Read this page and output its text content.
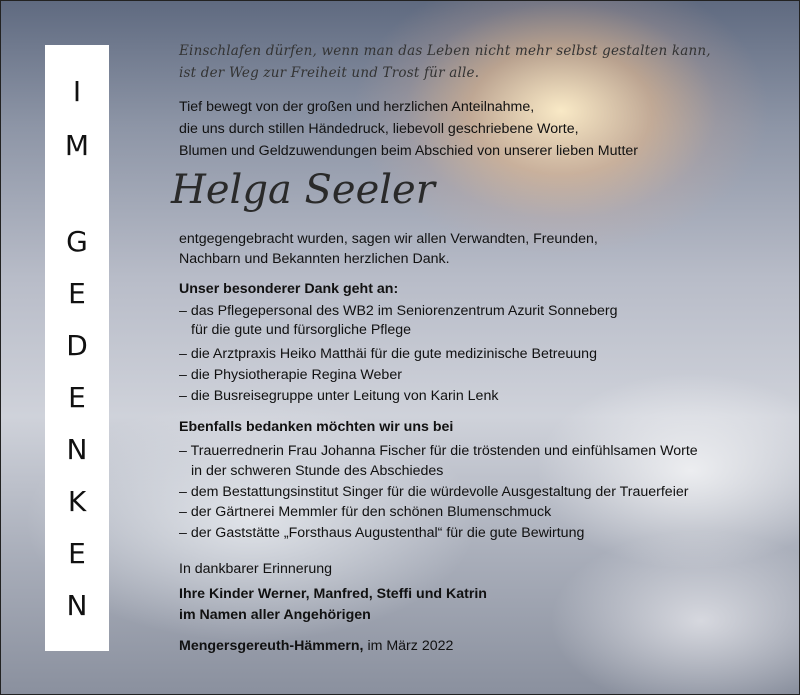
I
M
G
E
D
E
N
K
E
N
Einschlafen dürfen, wenn man das Leben nicht mehr selbst gestalten kann,
ist der Weg zur Freiheit und Trost für alle.
Tief bewegt von der großen und herzlichen Anteilnahme,
die uns durch stillen Händedruck, liebevoll geschriebene Worte,
Blumen und Geldzuwendungen beim Abschied von unserer lieben Mutter
Helga Seeler
entgegengebracht wurden, sagen wir allen Verwandten, Freunden,
Nachbarn und Bekannten herzlichen Dank.
Unser besonderer Dank geht an:
– das Pflegepersonal des WB2 im Seniorenzentrum Azurit Sonneberg
für die gute und fürsorgliche Pflege
– die Arztpraxis Heiko Matthäi für die gute medizinische Betreuung
– die Physiotherapie Regina Weber
– die Busreisegruppe unter Leitung von Karin Lenk
Ebenfalls bedanken möchten wir uns bei
– Trauerrednerin Frau Johanna Fischer für die tröstenden und einfühlsamen Worte
in der schweren Stunde des Abschiedes
– dem Bestattungsinstitut Singer für die würdevolle Ausgestaltung der Trauerfeier
– der Gärtnerei Memmler für den schönen Blumenschmuck
– der Gaststätte „Forsthaus Augustenthal“ für die gute Bewirtung
In dankbarer Erinnerung
Ihre Kinder Werner, Manfred, Steffi und Katrin
im Namen aller Angehörigen
Mengersgereuth-Hämmern, im März 2022
